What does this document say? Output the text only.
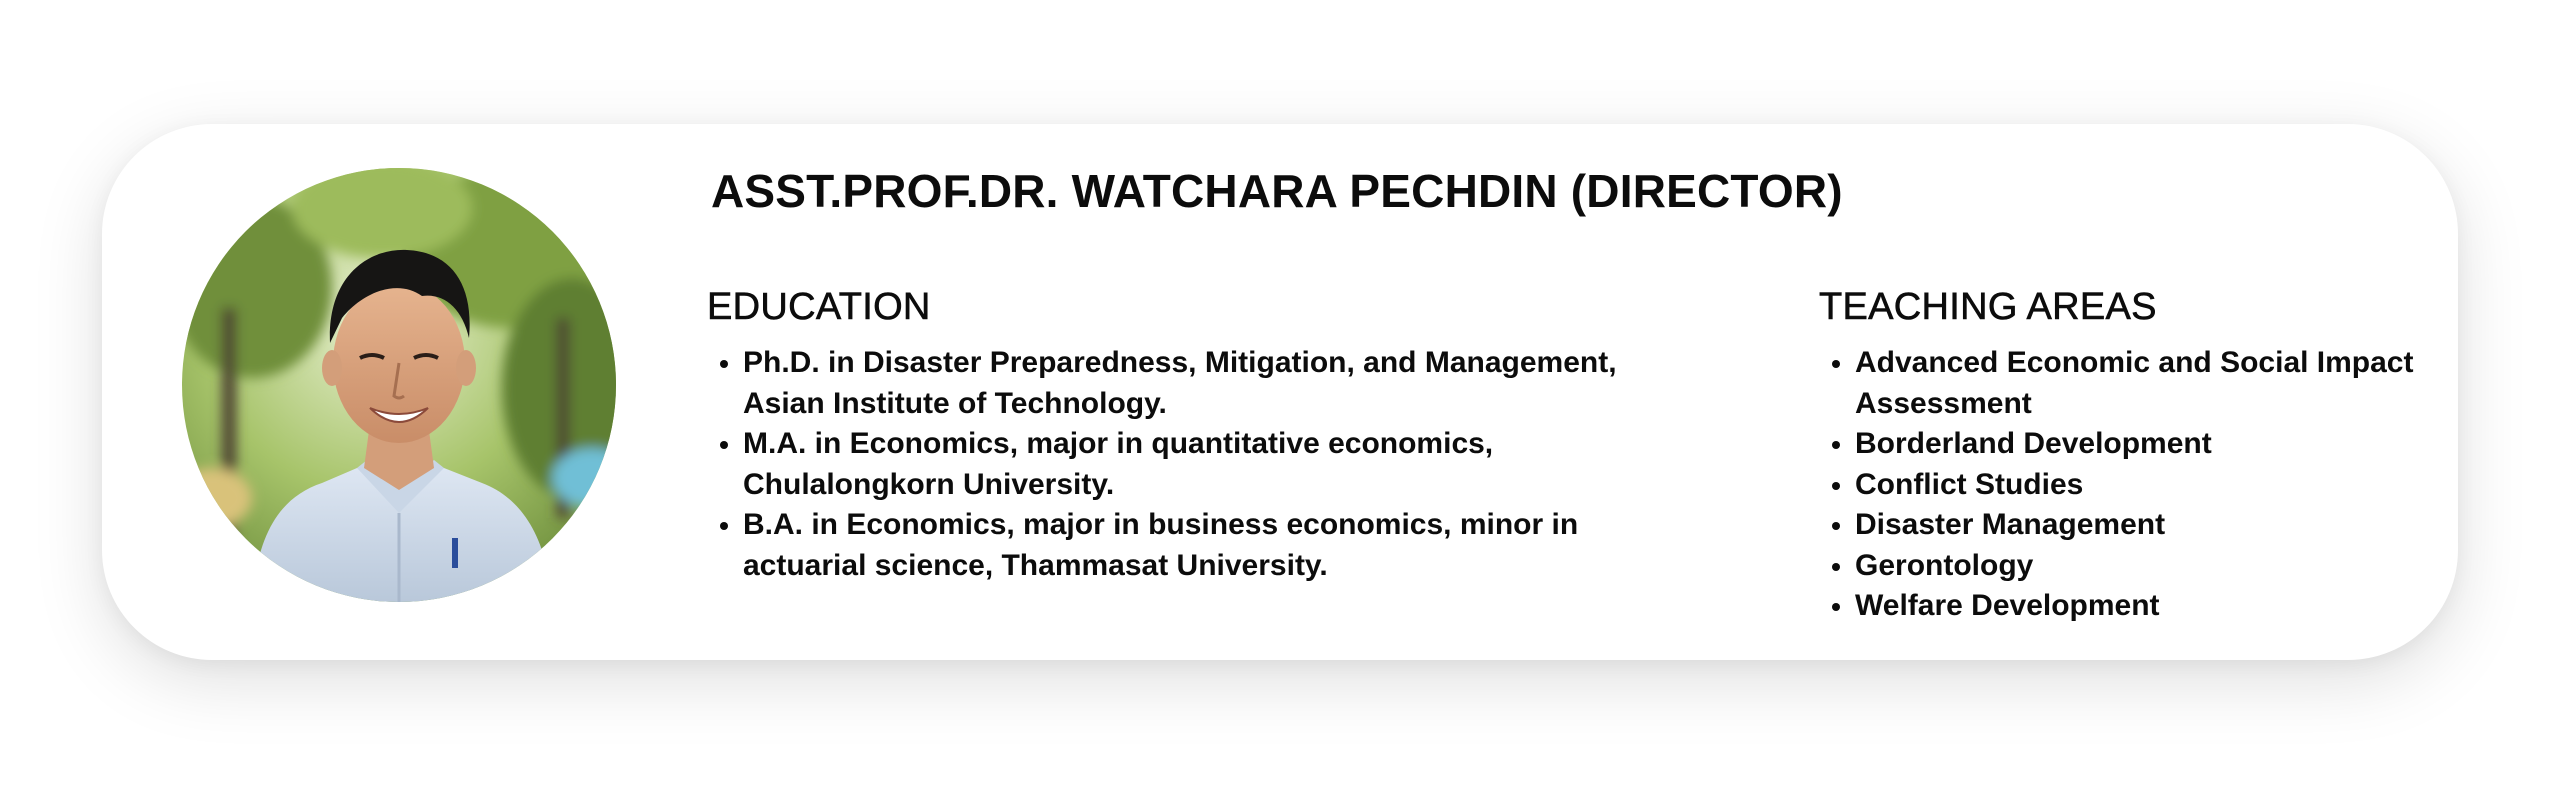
ASST.PROF.DR. WATCHARA PECHDIN (DIRECTOR)
EDUCATION
• Ph.D. in Disaster Preparedness, Mitigation, and Management, Asian Institute of Technology.
• M.A. in Economics, major in quantitative economics, Chulalongkorn University.
• B.A. in Economics, major in business economics, minor in actuarial science, Thammasat University.
TEACHING AREAS
• Advanced Economic and Social Impact Assessment
• Borderland Development
• Conflict Studies
• Disaster Management
• Gerontology
• Welfare Development
